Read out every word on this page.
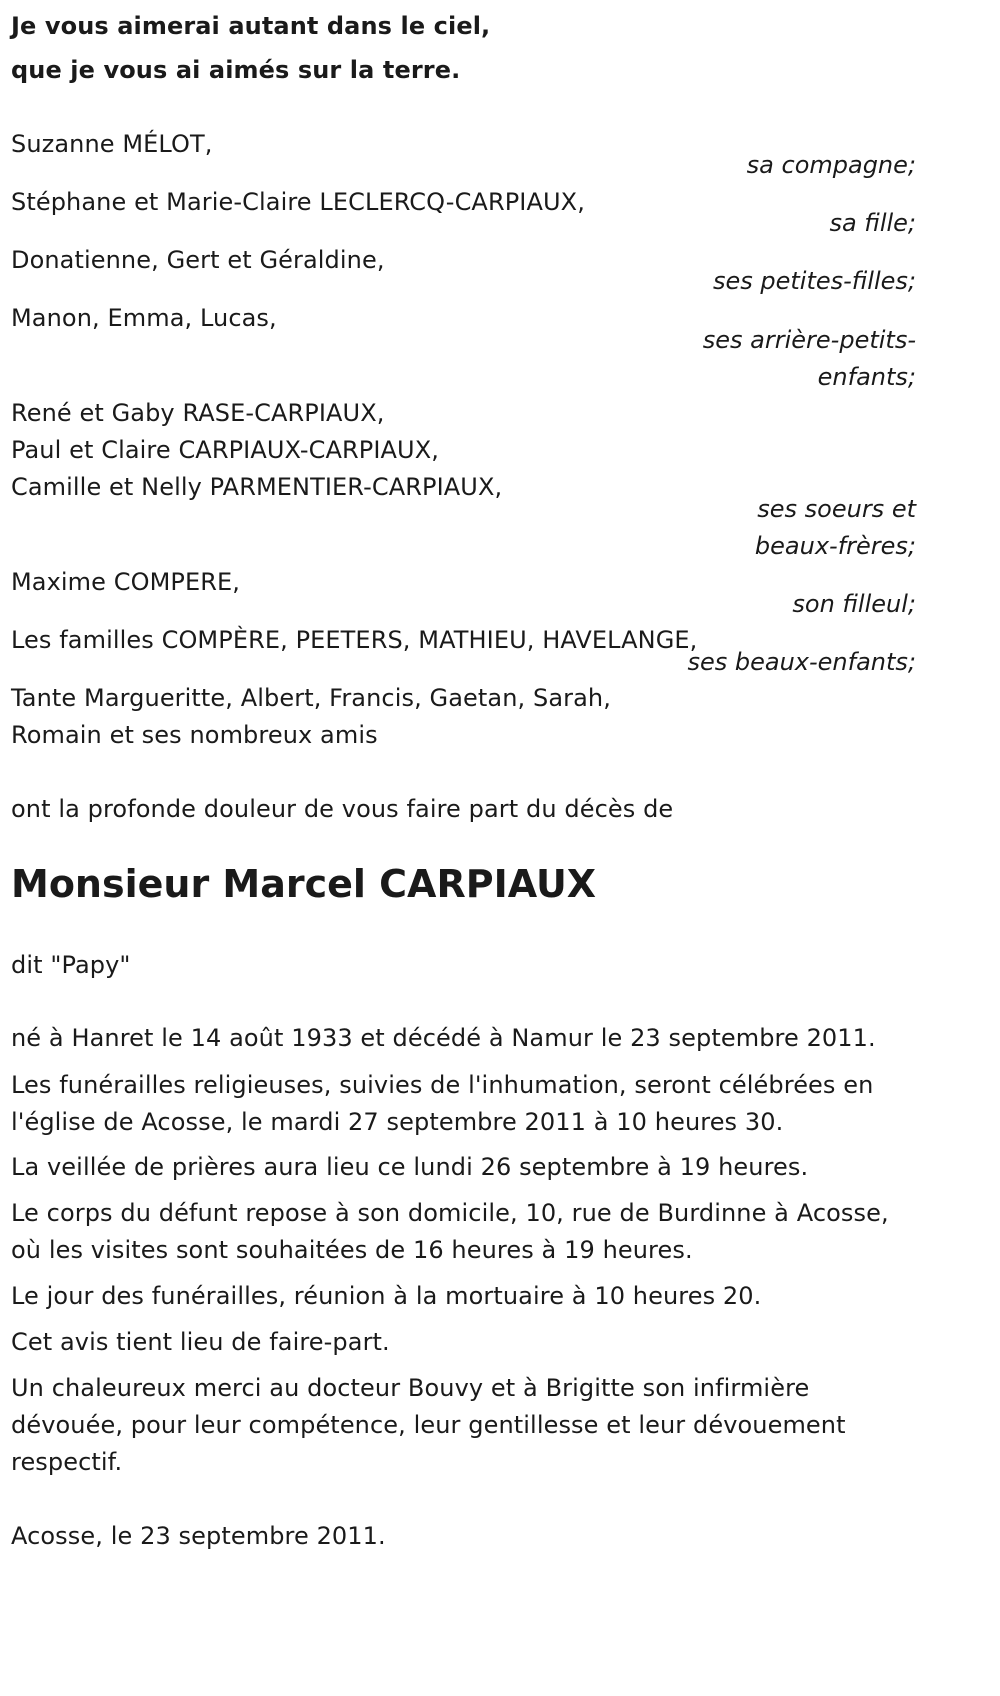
Je vous aimerai autant dans le ciel,
que je vous ai aimés sur la terre.
Suzanne MÉLOT,
sa compagne;
Stéphane et Marie-Claire LECLERCQ-CARPIAUX,
sa fille;
Donatienne, Gert et Géraldine,
ses petites-filles;
Manon, Emma, Lucas,
ses arrière-petits-
enfants;
René et Gaby RASE-CARPIAUX,
Paul et Claire CARPIAUX-CARPIAUX,
Camille et Nelly PARMENTIER-CARPIAUX,
ses soeurs et
beaux-frères;
Maxime COMPERE,
son filleul;
Les familles COMPÈRE, PEETERS, MATHIEU, HAVELANGE,
ses beaux-enfants;
Tante Margueritte, Albert, Francis, Gaetan, Sarah,
Romain et ses nombreux amis
ont la profonde douleur de vous faire part du décès de
Monsieur Marcel CARPIAUX
dit "Papy"
né à Hanret le 14 août 1933 et décédé à Namur le 23 septembre 2011.
Les funérailles religieuses, suivies de l'inhumation, seront célébrées en
l'église de Acosse, le mardi 27 septembre 2011 à 10 heures 30.
La veillée de prières aura lieu ce lundi 26 septembre à 19 heures.
Le corps du défunt repose à son domicile, 10, rue de Burdinne à Acosse,
où les visites sont souhaitées de 16 heures à 19 heures.
Le jour des funérailles, réunion à la mortuaire à 10 heures 20.
Cet avis tient lieu de faire-part.
Un chaleureux merci au docteur Bouvy et à Brigitte son infirmière
dévouée, pour leur compétence, leur gentillesse et leur dévouement
respectif.
Acosse, le 23 septembre 2011.
